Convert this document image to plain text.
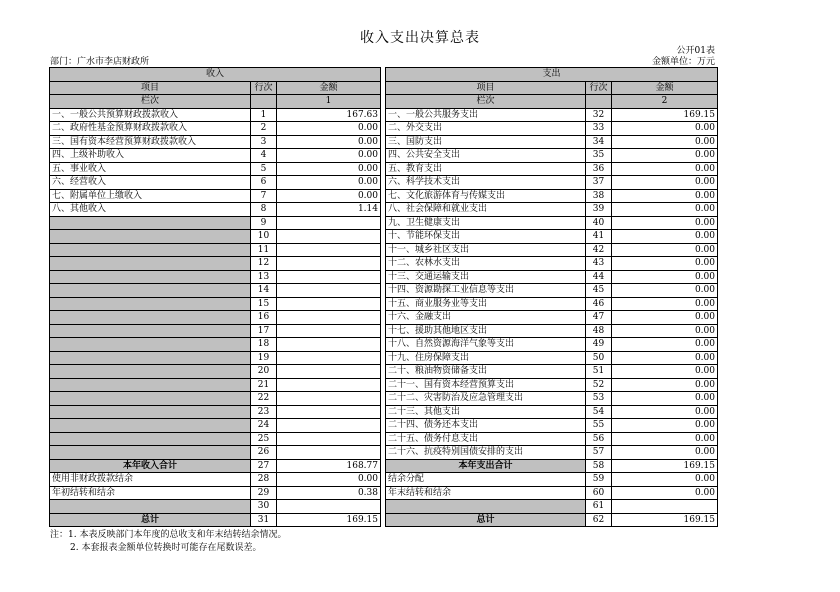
收入支出决算总表
公开01表
部门：广水市李店财政所	金额单位：万元
收入				支出		
项目	行次	金额		项目	行次	金额
栏次		1		栏次		2
一、一般公共预算财政拨款收入	1	167.63		一、一般公共服务支出	32	169.15
二、政府性基金预算财政拨款收入	2	0.00		二、外交支出	33	0.00
三、国有资本经营预算财政拨款收入	3	0.00		三、国防支出	34	0.00
四、上级补助收入	4	0.00		四、公共安全支出	35	0.00
五、事业收入	5	0.00		五、教育支出	36	0.00
六、经营收入	6	0.00		六、科学技术支出	37	0.00
七、附属单位上缴收入	7	0.00		七、文化旅游体育与传媒支出	38	0.00
八、其他收入	8	1.14		八、社会保障和就业支出	39	0.00
	9			九、卫生健康支出	40	0.00
	10			十、节能环保支出	41	0.00
	11			十一、城乡社区支出	42	0.00
	12			十二、农林水支出	43	0.00
	13			十三、交通运输支出	44	0.00
	14			十四、资源勘探工业信息等支出	45	0.00
	15			十五、商业服务业等支出	46	0.00
	16			十六、金融支出	47	0.00
	17			十七、援助其他地区支出	48	0.00
	18			十八、自然资源海洋气象等支出	49	0.00
	19			十九、住房保障支出	50	0.00
	20			二十、粮油物资储备支出	51	0.00
	21			二十一、国有资本经营预算支出	52	0.00
	22			二十二、灾害防治及应急管理支出	53	0.00
	23			二十三、其他支出	54	0.00
	24			二十四、债务还本支出	55	0.00
	25			二十五、债务付息支出	56	0.00
	26			二十六、抗疫特别国债安排的支出	57	0.00
本年收入合计	27	168.77		本年支出合计	58	169.15
使用非财政拨款结余	28	0.00		结余分配	59	0.00
年初结转和结余	29	0.38		年末结转和结余	60	0.00
	30				61	
总计	31	169.15		总计	62	169.15
注：1. 本表反映部门本年度的总收支和年末结转结余情况。
2. 本套报表金额单位转换时可能存在尾数误差。
